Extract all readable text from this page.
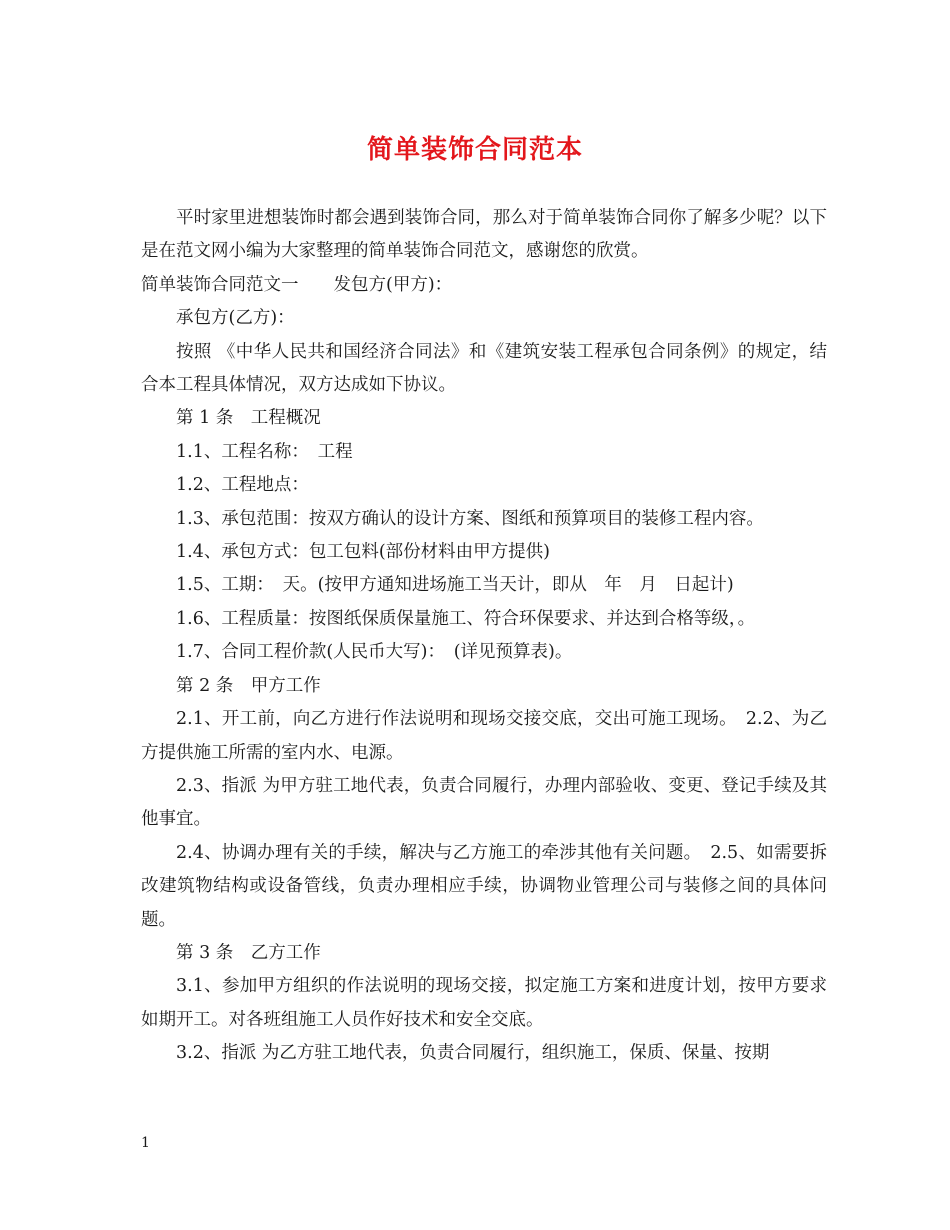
简单装饰合同范本

平时家里进想装饰时都会遇到装饰合同，那么对于简单装饰合同你了解多少呢？以下是在范文网小编为大家整理的简单装饰合同范文，感谢您的欣赏。

简单装饰合同范文一　　发包方(甲方)：

承包方(乙方)：

按照 《中华人民共和国经济合同法》和《建筑安装工程承包合同条例》的规定，结合本工程具体情况，双方达成如下协议。

第 1 条　工程概况

1.1、工程名称：　工程

1.2、工程地点：

1.3、承包范围：按双方确认的设计方案、图纸和预算项目的装修工程内容。

1.4、承包方式：包工包料(部份材料由甲方提供)

1.5、工期：　天。(按甲方通知进场施工当天计，即从　年　月　日起计)

1.6、工程质量：按图纸保质保量施工、符合环保要求、并达到合格等级，。

1.7、合同工程价款(人民币大写)：　(详见预算表)。

第 2 条　甲方工作

2.1、开工前，向乙方进行作法说明和现场交接交底，交出可施工现场。　2.2、为乙方提供施工所需的室内水、电源。

2.3、指派 为甲方驻工地代表，负责合同履行，办理内部验收、变更、登记手续及其他事宜。

2.4、协调办理有关的手续，解决与乙方施工的牵涉其他有关问题。　2.5、如需要拆改建筑物结构或设备管线，负责办理相应手续，协调物业管理公司与装修之间的具体问题。

第 3 条　乙方工作

3.1、参加甲方组织的作法说明的现场交接，拟定施工方案和进度计划，按甲方要求如期开工。对各班组施工人员作好技术和安全交底。

3.2、指派 为乙方驻工地代表，负责合同履行，组织施工，保质、保量、按期

1
